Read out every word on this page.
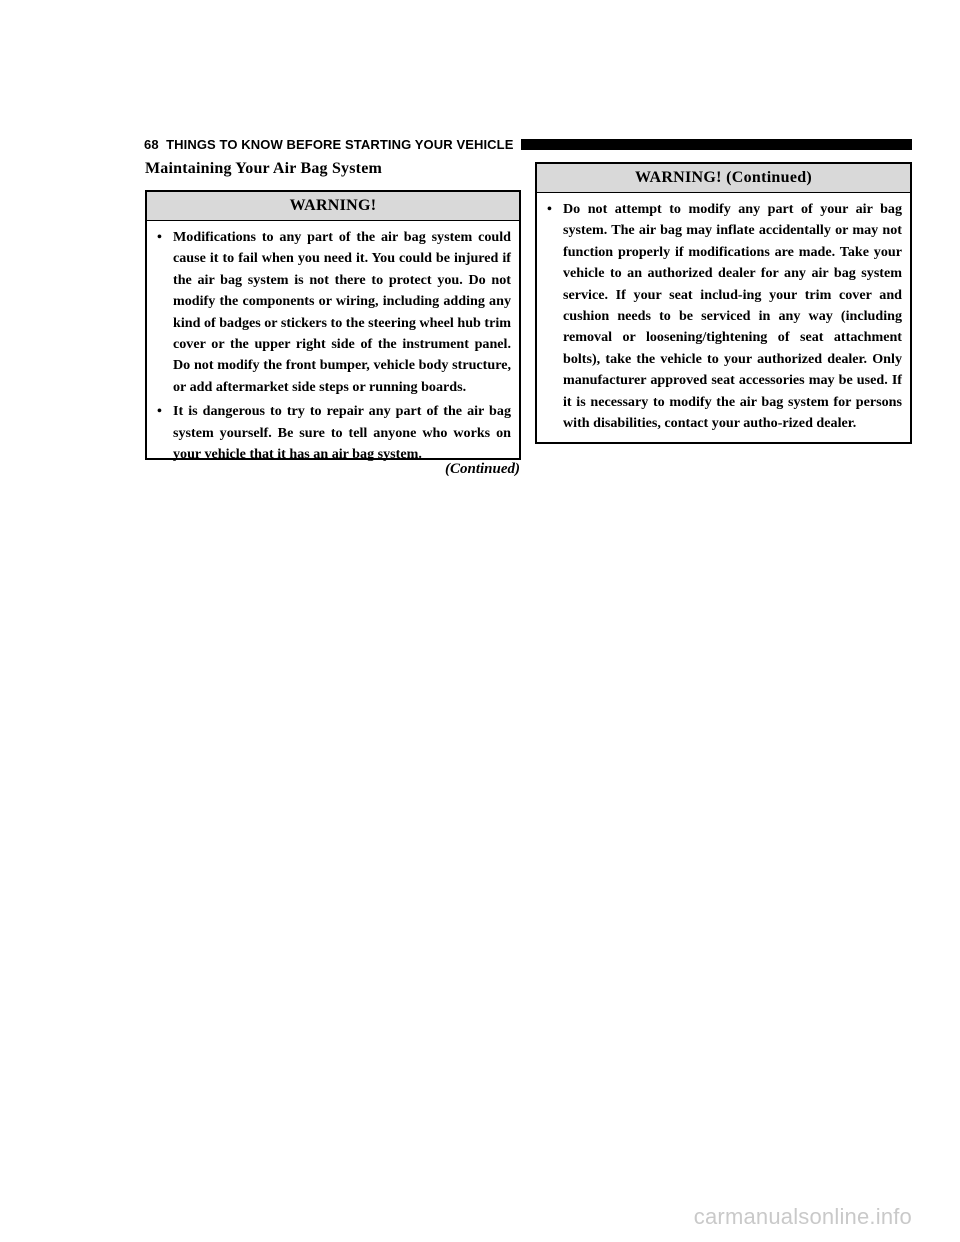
68 THINGS TO KNOW BEFORE STARTING YOUR VEHICLE
Maintaining Your Air Bag System
WARNING!
• Modifications to any part of the air bag system could cause it to fail when you need it. You could be injured if the air bag system is not there to protect you. Do not modify the components or wiring, including adding any kind of badges or stickers to the steering wheel hub trim cover or the upper right side of the instrument panel. Do not modify the front bumper, vehicle body structure, or add aftermarket side steps or running boards.
• It is dangerous to try to repair any part of the air bag system yourself. Be sure to tell anyone who works on your vehicle that it has an air bag system.
(Continued)
WARNING! (Continued)
• Do not attempt to modify any part of your air bag system. The air bag may inflate accidentally or may not function properly if modifications are made. Take your vehicle to an authorized dealer for any air bag system service. If your seat includ-ing your trim cover and cushion needs to be serviced in any way (including removal or loosening/tightening of seat attachment bolts), take the vehicle to your authorized dealer. Only manufacturer approved seat accessories may be used. If it is necessary to modify the air bag system for persons with disabilities, contact your autho-rized dealer.
carmanualsonline.info
